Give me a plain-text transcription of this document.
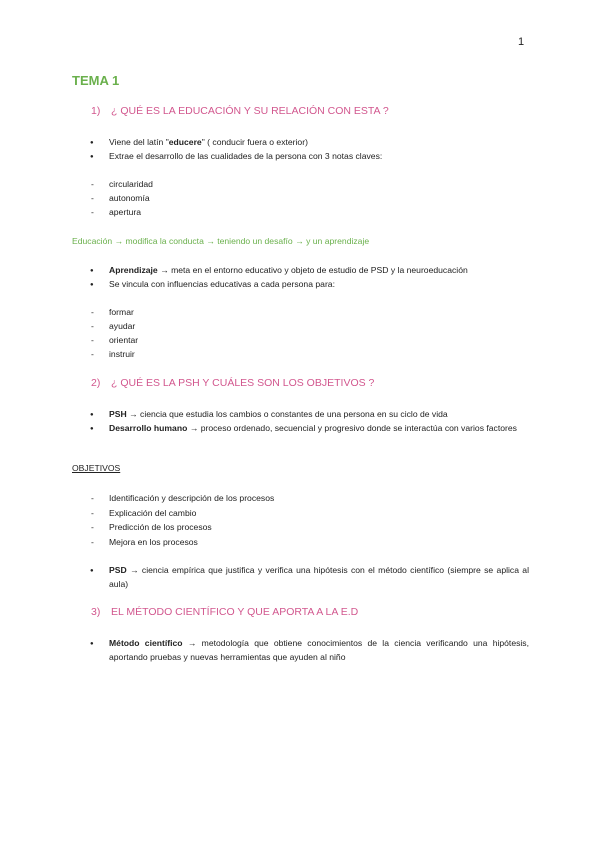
1
TEMA 1
1) ¿ QUÉ ES LA EDUCACIÓN Y SU RELACIÓN CON ESTA ?
● Viene del latín "educere" ( conducir fuera o exterior)
● Extrae el desarrollo de las cualidades de la persona con 3 notas claves:
- circularidad
- autonomía
- apertura
Educación → modifica la conducta → teniendo un desafío → y un aprendizaje
● Aprendizaje → meta en el entorno educativo y objeto de estudio de PSD y la neuroeducación
● Se vincula con influencias educativas a cada persona para:
- formar
- ayudar
- orientar
- instruir
2) ¿ QUÉ ES LA PSH Y CUÁLES SON LOS OBJETIVOS ?
● PSH → ciencia que estudia los cambios o constantes de una persona en su ciclo de vida
● Desarrollo humano → proceso ordenado, secuencial y progresivo donde se interactúa con varios factores
OBJETIVOS
- Identificación y descripción de los procesos
- Explicación del cambio
- Predicción de los procesos
- Mejora en los procesos
● PSD → ciencia empírica que justifica y verifica una hipótesis con el método científico (siempre se aplica al aula)
3) EL MÉTODO CIENTÍFICO Y QUE APORTA A LA E.D
● Método científico → metodología que obtiene conocimientos de la ciencia verificando una hipótesis, aportando pruebas y nuevas herramientas que ayuden al niño
